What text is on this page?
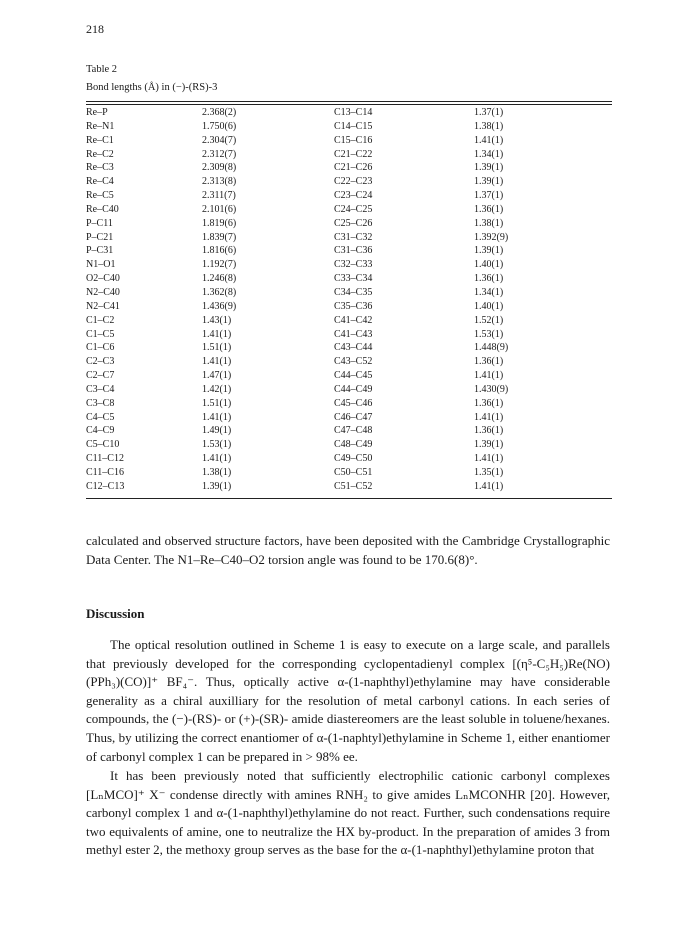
218
Table 2
Bond lengths (Å) in (−)-(RS)-3
Re–P	2.368(2)	C13–C14	1.37(1)
Re–N1	1.750(6)	C14–C15	1.38(1)
Re–C1	2.304(7)	C15–C16	1.41(1)
Re–C2	2.312(7)	C21–C22	1.34(1)
Re–C3	2.309(8)	C21–C26	1.39(1)
Re–C4	2.313(8)	C22–C23	1.39(1)
Re–C5	2.311(7)	C23–C24	1.37(1)
Re–C40	2.101(6)	C24–C25	1.36(1)
P–C11	1.819(6)	C25–C26	1.38(1)
P–C21	1.839(7)	C31–C32	1.392(9)
P–C31	1.816(6)	C31–C36	1.39(1)
N1–O1	1.192(7)	C32–C33	1.40(1)
O2–C40	1.246(8)	C33–C34	1.36(1)
N2–C40	1.362(8)	C34–C35	1.34(1)
N2–C41	1.436(9)	C35–C36	1.40(1)
C1–C2	1.43(1)	C41–C42	1.52(1)
C1–C5	1.41(1)	C41–C43	1.53(1)
C1–C6	1.51(1)	C43–C44	1.448(9)
C2–C3	1.41(1)	C43–C52	1.36(1)
C2–C7	1.47(1)	C44–C45	1.41(1)
C3–C4	1.42(1)	C44–C49	1.430(9)
C3–C8	1.51(1)	C45–C46	1.36(1)
C4–C5	1.41(1)	C46–C47	1.41(1)
C4–C9	1.49(1)	C47–C48	1.36(1)
C5–C10	1.53(1)	C48–C49	1.39(1)
C11–C12	1.41(1)	C49–C50	1.41(1)
C11–C16	1.38(1)	C50–C51	1.35(1)
C12–C13	1.39(1)	C51–C52	1.41(1)

calculated and observed structure factors, have been deposited with the Cambridge Crystallographic Data Center. The N1–Re–C40–O2 torsion angle was found to be 170.6(8)°.

Discussion

The optical resolution outlined in Scheme 1 is easy to execute on a large scale, and parallels that previously developed for the corresponding cyclopentadienyl complex [(η⁵-C₅H₅)Re(NO)(PPh₃)(CO)]⁺ BF₄⁻. Thus, optically active α-(1-naphthyl)ethylamine may have considerable generality as a chiral auxilliary for the resolution of metal carbonyl cations. In each series of compounds, the (−)-(RS)- or (+)-(SR)- amide diastereomers are the least soluble in toluene/hexanes. Thus, by utilizing the correct enantiomer of α-(1-naphtyl)ethylamine in Scheme 1, either enantiomer of carbonyl complex 1 can be prepared in > 98% ee.

It has been previously noted that sufficiently electrophilic cationic carbonyl complexes [LₙMCO]⁺ X⁻ condense directly with amines RNH₂ to give amides LₙMCONHR [20]. However, carbonyl complex 1 and α-(1-naphthyl)ethylamine do not react. Further, such condensations require two equivalents of amine, one to neutralize the HX by-product. In the preparation of amides 3 from methyl ester 2, the methoxy group serves as the base for the α-(1-naphthyl)ethylamine proton that
